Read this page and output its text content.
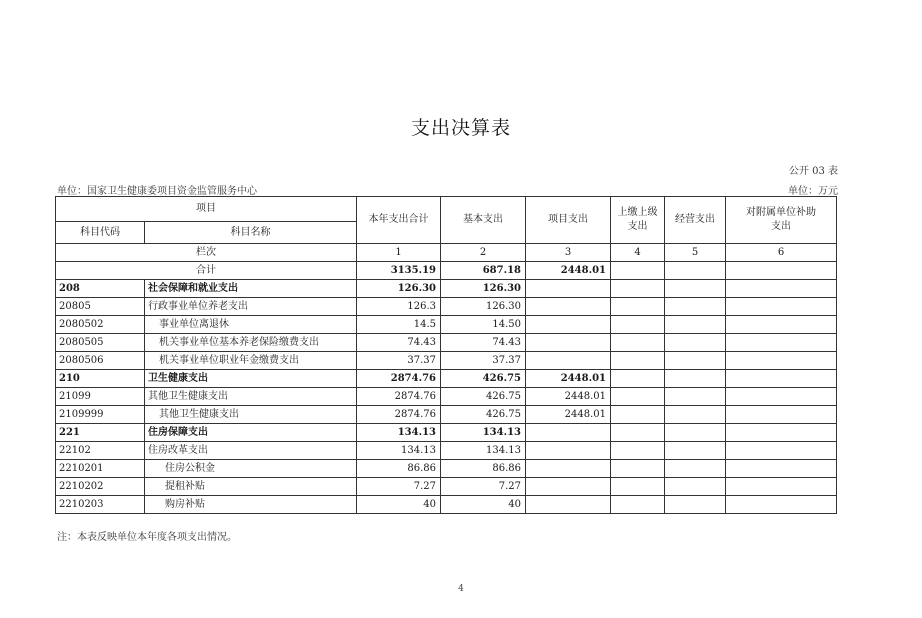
支出决算表
公开 03 表
单位：国家卫生健康委项目资金监管服务中心	单位：万元
项目		本年支出合计	基本支出	项目支出	上缴上级支出	经营支出	对附属单位补助支出
科目代码	科目名称						
栏次		1	2	3	4	5	6
合计		3135.19	687.18	2448.01			
208	社会保障和就业支出	126.30	126.30				
20805	行政事业单位养老支出	126.3	126.30				
2080502	事业单位离退休	14.5	14.50				
2080505	机关事业单位基本养老保险缴费支出	74.43	74.43				
2080506	机关事业单位职业年金缴费支出	37.37	37.37				
210	卫生健康支出	2874.76	426.75	2448.01			
21099	其他卫生健康支出	2874.76	426.75	2448.01			
2109999	其他卫生健康支出	2874.76	426.75	2448.01			
221	住房保障支出	134.13	134.13				
22102	住房改革支出	134.13	134.13				
2210201	住房公积金	86.86	86.86				
2210202	提租补贴	7.27	7.27				
2210203	购房补贴	40	40				
注：本表反映单位本年度各项支出情况。
4
